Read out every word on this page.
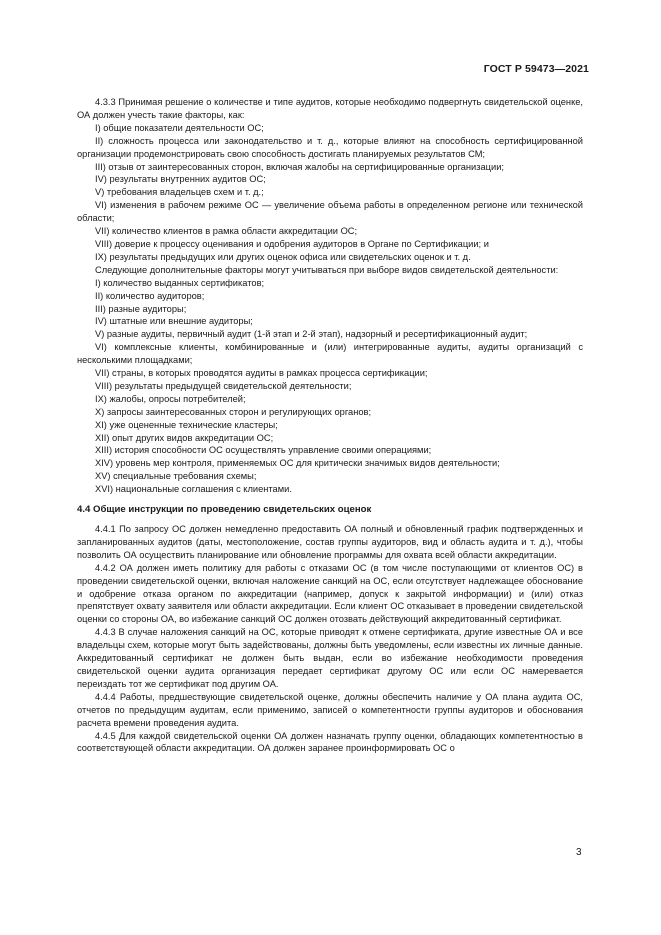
ГОСТ Р 59473—2021

4.3.3 Принимая решение о количестве и типе аудитов, которые необходимо подвергнуть свидетельской оценке, ОА должен учесть такие факторы, как:

I) общие показатели деятельности ОС;

II) сложность процесса или законодательство и т. д., которые влияют на способность сертифицированной организации продемонстрировать свою способность достигать планируемых результатов СМ;

III) отзыв от заинтересованных сторон, включая жалобы на сертифицированные организации;

IV) результаты внутренних аудитов ОС;

V) требования владельцев схем и т. д.;

VI) изменения в рабочем режиме ОС — увеличение объема работы в определенном регионе или технической области;

VII) количество клиентов в рамка области аккредитации ОС;

VIII) доверие к процессу оценивания и одобрения аудиторов в Органе по Сертификации; и

IX) результаты предыдущих или других оценок офиса или свидетельских оценок и т. д.

Следующие дополнительные факторы могут учитываться при выборе видов свидетельской деятельности:

I) количество выданных сертификатов;

II) количество аудиторов;

III) разные аудиторы;

IV) штатные или внешние аудиторы;

V) разные аудиты, первичный аудит (1-й этап и 2-й этап), надзорный и ресертификационный аудит;

VI) комплексные клиенты, комбинированные и (или) интегрированные аудиты, аудиты организаций с несколькими площадками;

VII) страны, в которых проводятся аудиты в рамках процесса сертификации;

VIII) результаты предыдущей свидетельской деятельности;

IX) жалобы, опросы потребителей;

X) запросы заинтересованных сторон и регулирующих органов;

XI) уже оцененные технические кластеры;

XII) опыт других видов аккредитации ОС;

XIII) история способности ОС осуществлять управление своими операциями;

XIV) уровень мер контроля, применяемых ОС для критически значимых видов деятельности;

XV) специальные требования схемы;

XVI) национальные соглашения с клиентами.

4.4 Общие инструкции по проведению свидетельских оценок

4.4.1 По запросу ОС должен немедленно предоставить ОА полный и обновленный график подтвержденных и запланированных аудитов (даты, местоположение, состав группы аудиторов, вид и область аудита и т. д.), чтобы позволить ОА осуществить планирование или обновление программы для охвата всей области аккредитации.

4.4.2 ОА должен иметь политику для работы с отказами ОС (в том числе поступающими от клиентов ОС) в проведении свидетельской оценки, включая наложение санкций на ОС, если отсутствует надлежащее обоснование и одобрение отказа органом по аккредитации (например, допуск к закрытой информации) и (или) отказ препятствует охвату заявителя или области аккредитации. Если клиент ОС отказывает в проведении свидетельской оценки со стороны ОА, во избежание санкций ОС должен отозвать действующий аккредитованный сертификат.

4.4.3 В случае наложения санкций на ОС, которые приводят к отмене сертификата, другие известные ОА и все владельцы схем, которые могут быть задействованы, должны быть уведомлены, если известны их личные данные. Аккредитованный сертификат не должен быть выдан, если во избежание необходимости проведения свидетельской оценки аудита организация передает сертификат другому ОС или если ОС намеревается переиздать тот же сертификат под другим ОА.

4.4.4 Работы, предшествующие свидетельской оценке, должны обеспечить наличие у ОА плана аудита ОС, отчетов по предыдущим аудитам, если применимо, записей о компетентности группы аудиторов и обоснования расчета времени проведения аудита.

4.4.5 Для каждой свидетельской оценки ОА должен назначать группу оценки, обладающих компетентностью в соответствующей области аккредитации. ОА должен заранее проинформировать ОС о

3
